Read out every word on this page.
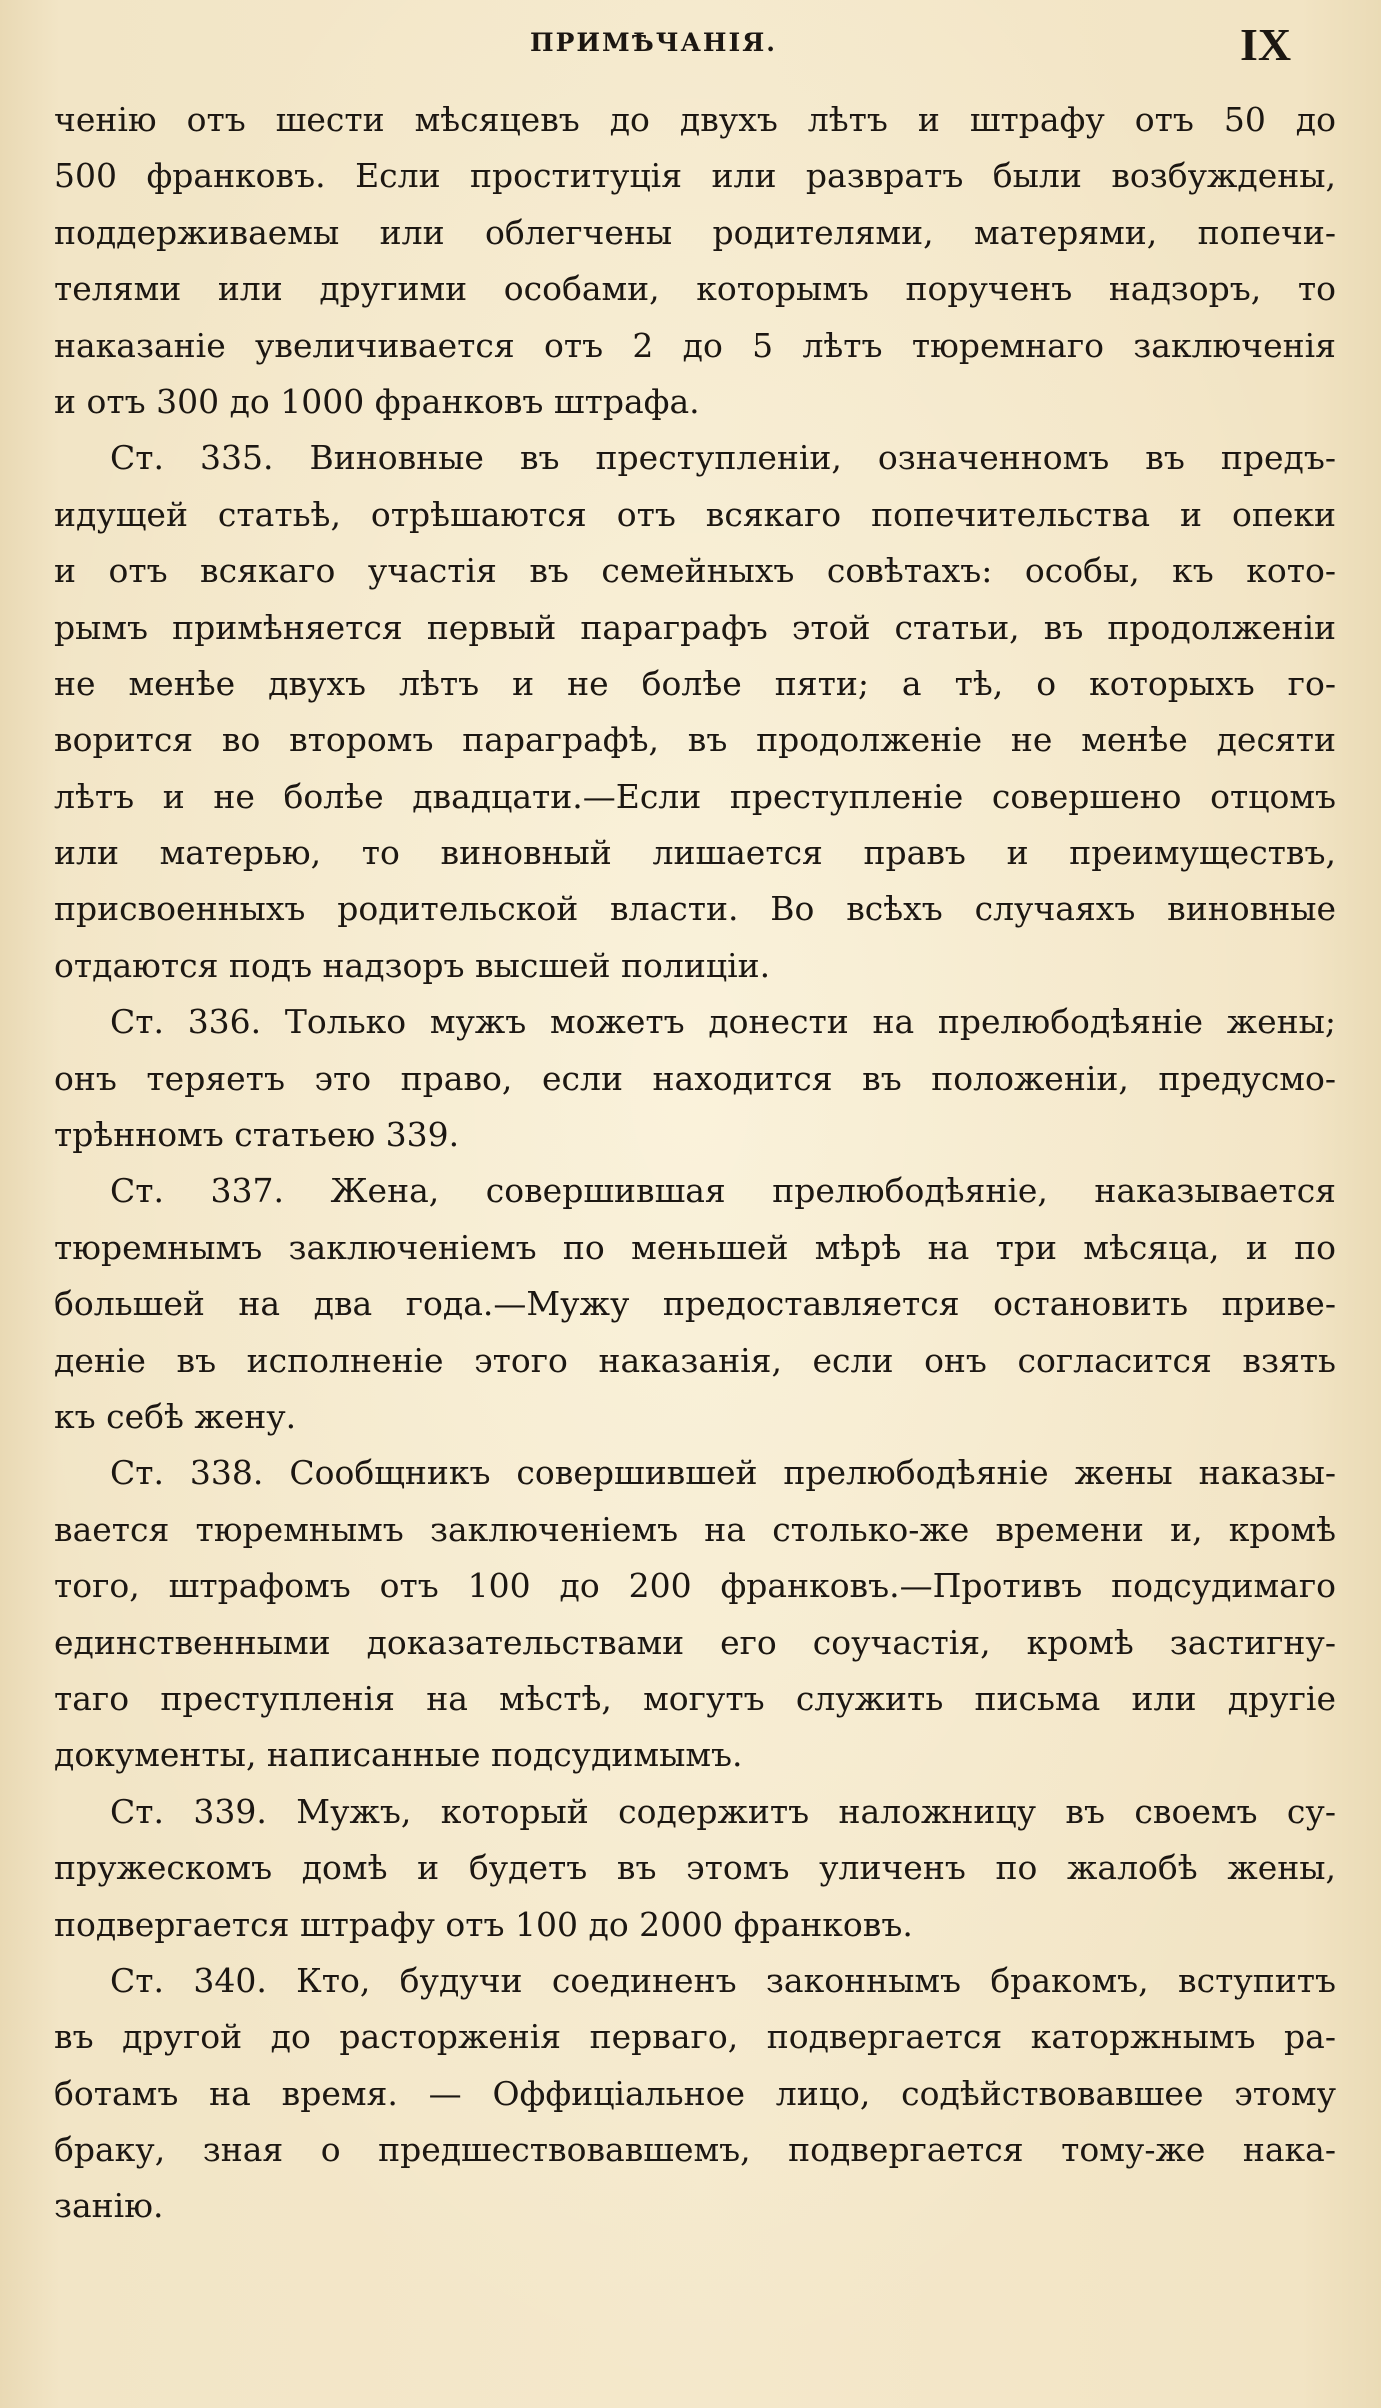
ПРИМѢЧАНІЯ.	IX
ченію отъ шести мѣсяцевъ до двухъ лѣтъ и штрафу отъ 50 до
500 франковъ. Если проституція или развратъ были возбуждены,
поддерживаемы или облегчены родителями, матерями, попечи-
телями или другими особами, которымъ порученъ надзоръ, то
наказаніе увеличивается отъ 2 до 5 лѣтъ тюремнаго заключенія
и отъ 300 до 1000 франковъ штрафа.
Ст. 335. Виновные въ преступленіи, означенномъ въ предъ-
идущей статьѣ, отрѣшаются отъ всякаго попечительства и опеки
и отъ всякаго участія въ семейныхъ совѣтахъ: особы, къ кото-
рымъ примѣняется первый параграфъ этой статьи, въ продолженіи
не менѣе двухъ лѣтъ и не болѣе пяти; а тѣ, о которыхъ го-
ворится во второмъ параграфѣ, въ продолженіе не менѣе десяти
лѣтъ и не болѣе двадцати.—Если преступленіе совершено отцомъ
или матерью, то виновный лишается правъ и преимуществъ,
присвоенныхъ родительской власти. Во всѣхъ случаяхъ виновные
отдаются подъ надзоръ высшей полиціи.
Ст. 336. Только мужъ можетъ донести на прелюбодѣяніе жены;
онъ теряетъ это право, если находится въ положеніи, предусмо-
трѣнномъ статьею 339.
Ст. 337. Жена, совершившая прелюбодѣяніе, наказывается
тюремнымъ заключеніемъ по меньшей мѣрѣ на три мѣсяца, и по
большей на два года.—Мужу предоставляется остановить приве-
деніе въ исполненіе этого наказанія, если онъ согласится взять
къ себѣ жену.
Ст. 338. Сообщникъ совершившей прелюбодѣяніе жены наказы-
вается тюремнымъ заключеніемъ на столько-же времени и, кромѣ
того, штрафомъ отъ 100 до 200 франковъ.—Противъ подсудимаго
единственными доказательствами его соучастія, кромѣ застигну-
таго преступленія на мѣстѣ, могутъ служить письма или другіе
документы, написанные подсудимымъ.
Ст. 339. Мужъ, который содержитъ наложницу въ своемъ су-
пружескомъ домѣ и будетъ въ этомъ уличенъ по жалобѣ жены,
подвергается штрафу отъ 100 до 2000 франковъ.
Ст. 340. Кто, будучи соединенъ законнымъ бракомъ, вступитъ
въ другой до расторженія перваго, подвергается каторжнымъ ра-
ботамъ на время. — Оффиціальное лицо, содѣйствовавшее этому
браку, зная о предшествовавшемъ, подвергается тому-же нака-
занію.
